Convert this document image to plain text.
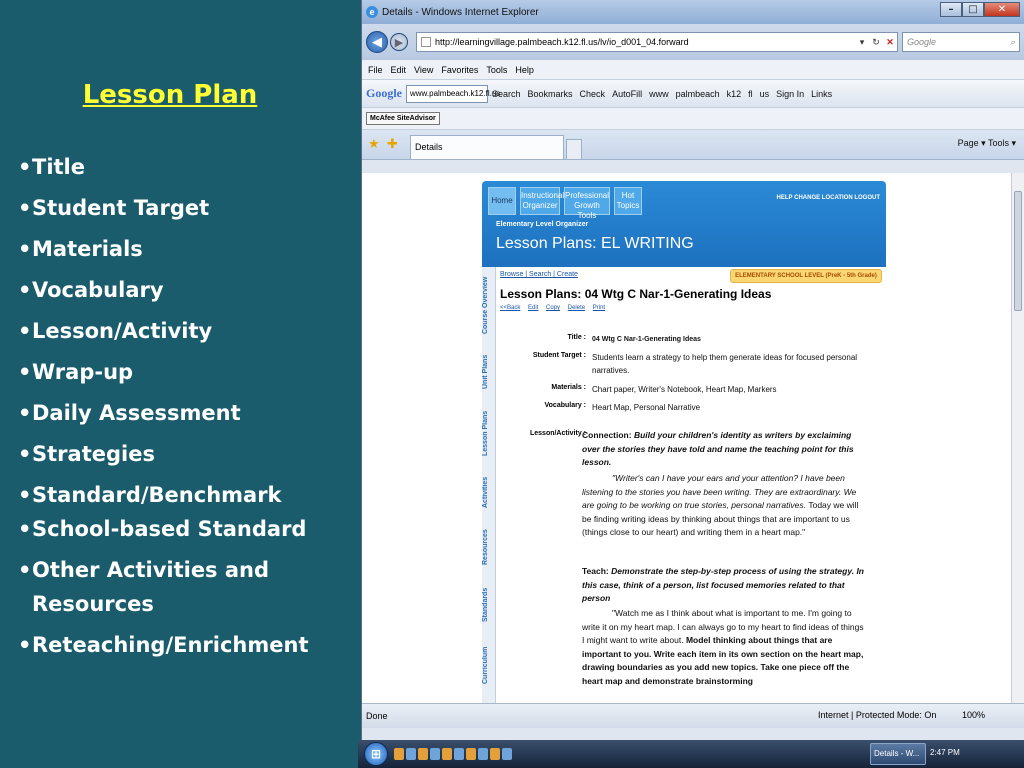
Lesson Plan
• Title
• Student Target
• Materials
• Vocabulary
• Lesson/Activity
• Wrap-up
• Daily Assessment
• Strategies
• Standard/Benchmark
• School-based Standard
• Other Activities and Resources
• Reteaching/Enrichment
e Details - Windows Internet Explorer	–	□	✕
◀	▶	http://learningvillage.palmbeach.k12.fl.us/lv/io_d001_04.forward	▾ ↻ ✕	Google	⌕
File Edit View Favorites Tools Help
Google	www.palmbeach.k12.fl.us
Search Bookmarks Check AutoFill www palmbeach k12 fl us Sign In Links
McAfee SiteAdvisor
★ ✚	Details	Page ▾ Tools ▾
Home
Instructional Organizer
Professional Growth Tools
Hot Topics
HELP CHANGE LOCATION LOGOUT
Elementary Level Organizer
Lesson Plans: EL WRITING
Course Overview
Unit Plans
Lesson Plans
Activities
Resources
Standards
Curriculum
Browse | Search | Create	ELEMENTARY SCHOOL LEVEL (PreK - 5th Grade)
Lesson Plans: 04 Wtg C Nar-1-Generating Ideas
<<Back Edit Copy Delete Print
Title : 04 Wtg C Nar-1-Generating Ideas
Student Target : Students learn a strategy to help them generate ideas for focused personal narratives.
Materials : Chart paper, Writer's Notebook, Heart Map, Markers
Vocabulary : Heart Map, Personal Narrative
Lesson/Activity :
Connection: Build your children's identity as writers by exclaiming over the stories they have told and name the teaching point for this lesson.
"Writer's can I have your ears and your attention? I have been listening to the stories you have been writing. They are extraordinary. We are going to be working on true stories, personal narratives. Today we will be finding writing ideas by thinking about things that are important to us (things close to our heart) and writing them in a heart map."
Teach: Demonstrate the step-by-step process of using the strategy. In this case, think of a person, list focused memories related to that person
"Watch me as I think about what is important to me. I'm going to write it on my heart map. I can always go to my heart to find ideas of things I might want to write about. Model thinking about things that are important to you. Write each item in its own section on the heart map, drawing boundaries as you add new topics. Take one piece off the heart map and demonstrate brainstorming
Done	Internet | Protected Mode: On	100%
⊞	Details - W...	2:47 PM
